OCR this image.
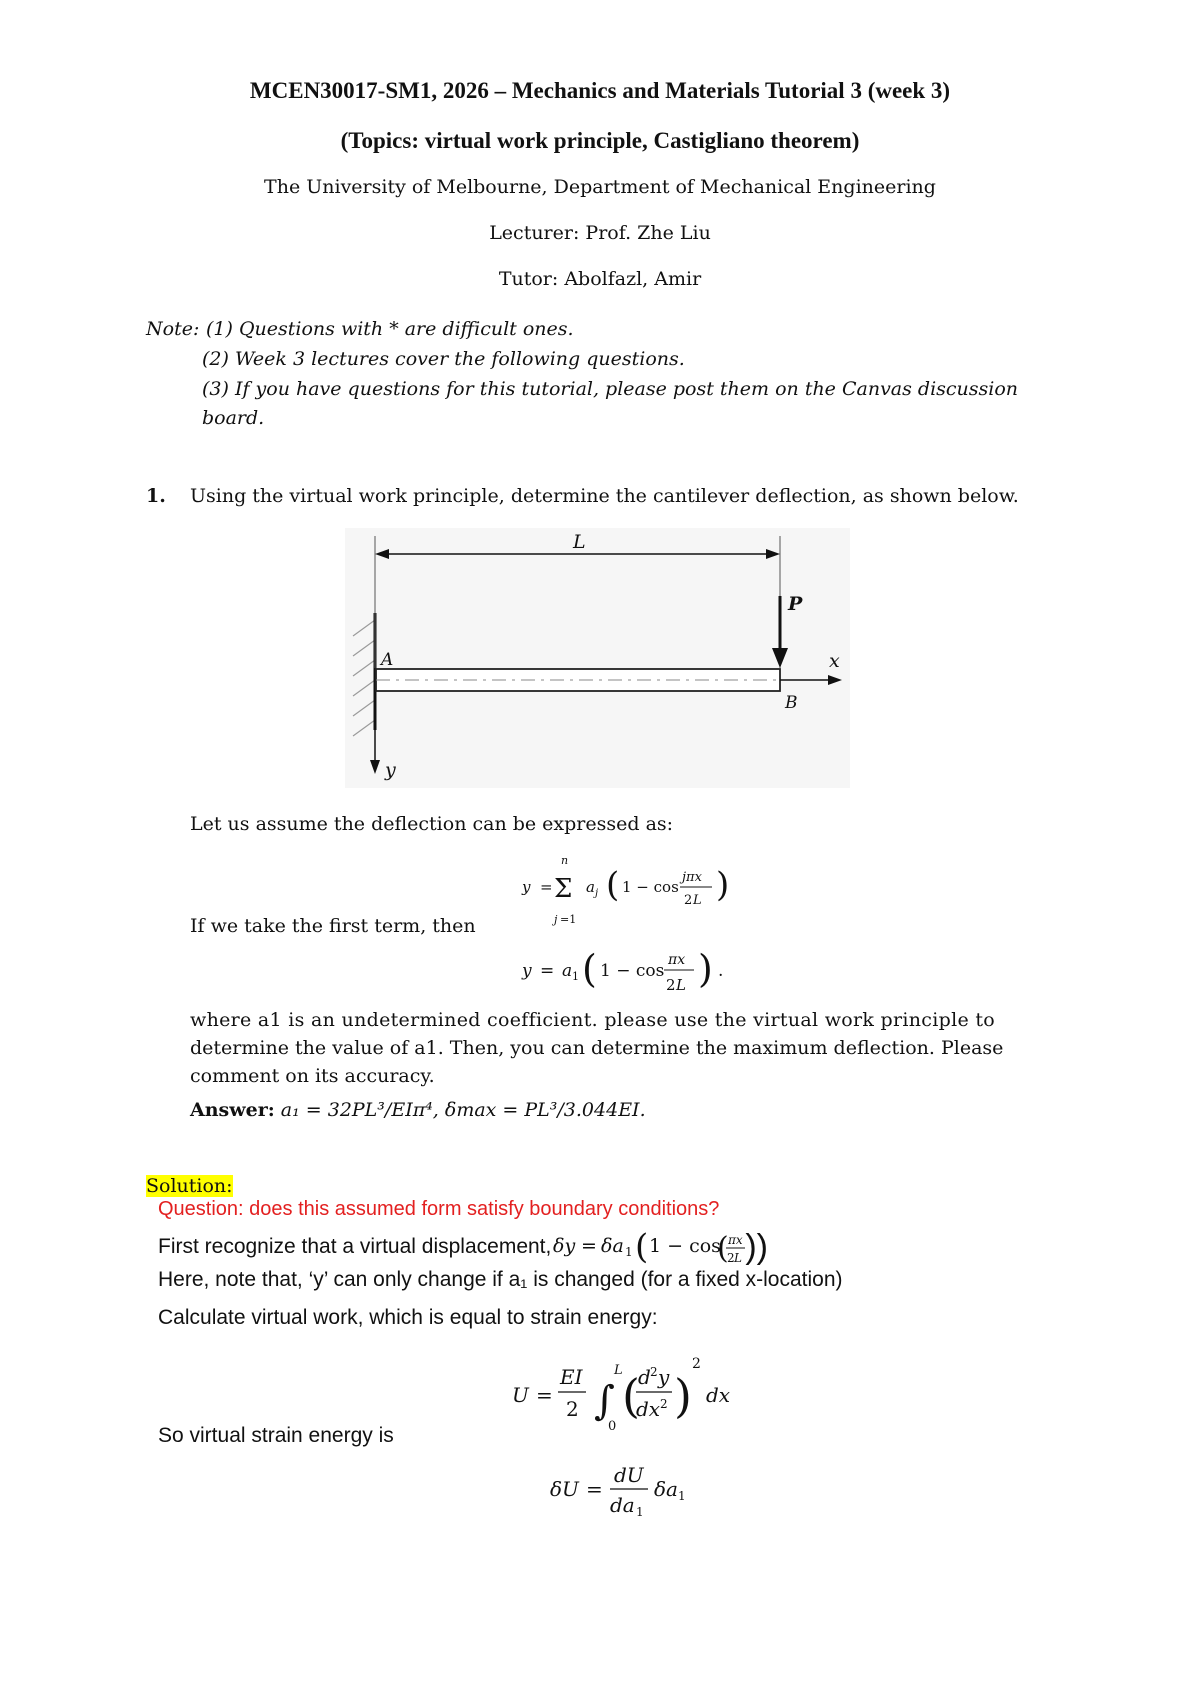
MCEN30017-SM1, 2026 – Mechanics and Materials Tutorial 3 (week 3)
(Topics: virtual work principle, Castigliano theorem)
The University of Melbourne, Department of Mechanical Engineering
Lecturer: Prof. Zhe Liu
Tutor: Abolfazl, Amir
Note: (1) Questions with * are difficult ones.
(2) Week 3 lectures cover the following questions.
(3) If you have questions for this tutorial, please post them on the Canvas discussion
board.
1. Using the virtual work principle, determine the cantilever deflection, as shown below.
L
P
x
A
B
y
Let us assume the deflection can be expressed as:
y =
n
Σ
j =1
a j ( 1 − cos
jπx
2 L )
If we take the first term, then
y = a 1 ( 1 − cos
πx
2 L ) .
where a1 is an undetermined coefficient. please use the virtual work principle to
determine the value of a1. Then, you can determine the maximum deflection. Please
comment on its accuracy.
Answer: a₁ = 32PL³/EIπ⁴, δmax = PL³/3.044EI.
Solution:
Question: does this assumed form satisfy boundary conditions?
First recognize that a virtual displacement, δy = δa 1 ( 1 − cos
( πx
2 L ))
Here, note that, ‘y’ can only change if a₁ is changed (for a fixed x-location)
Calculate virtual work, which is equal to strain energy:
U =
EI
2 ∫
L
0
(
d 2 y
dx 2 )
2
dx
So virtual strain energy is
δU =
dU
da 1
δa 1
